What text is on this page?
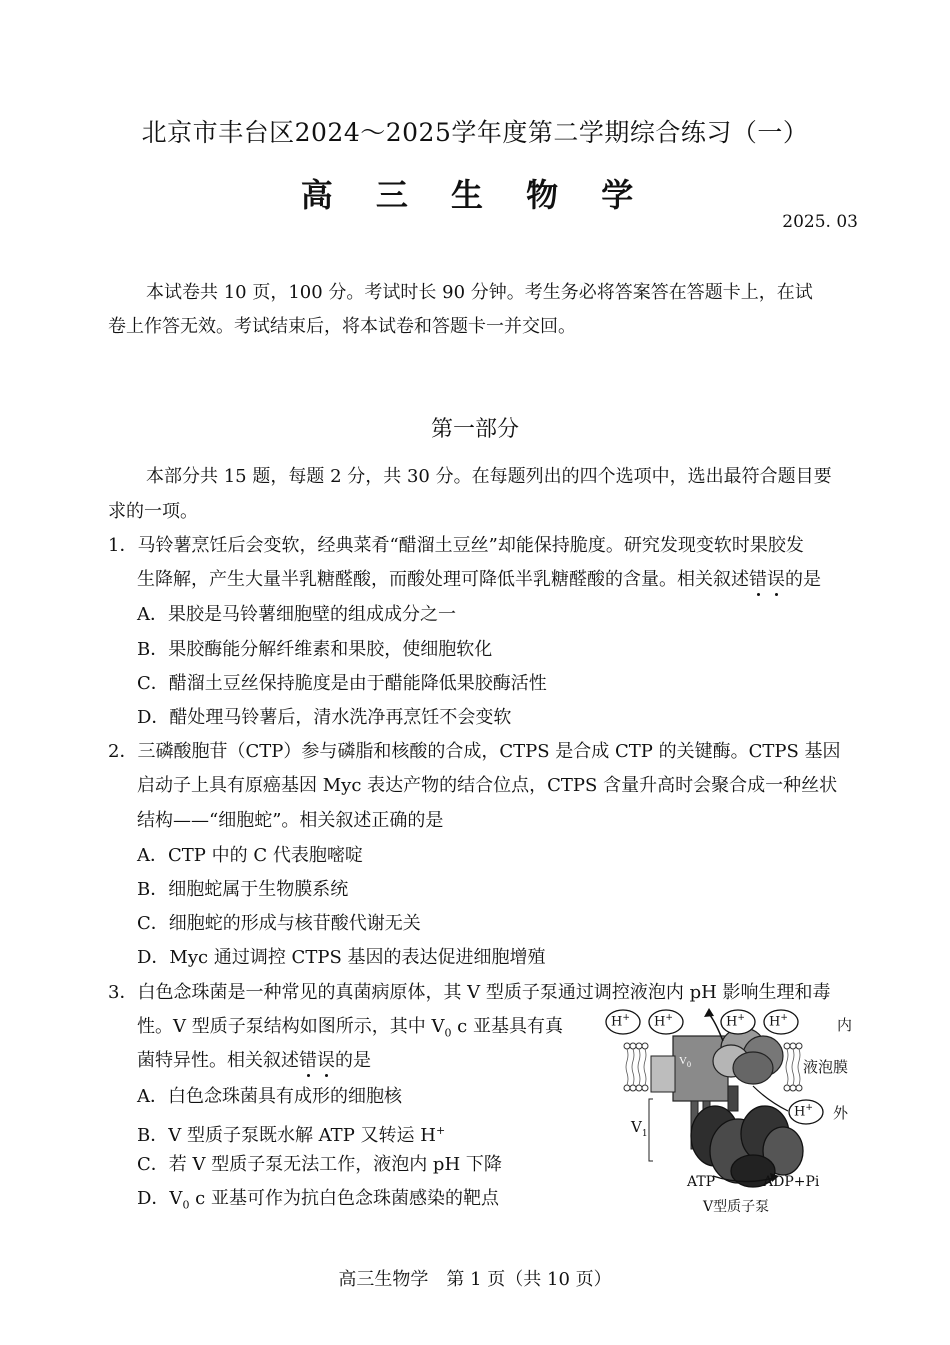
北京市丰台区2024～2025学年度第二学期综合练习（一）
高 三 生 物 学
2025. 03
本试卷共 10 页，100 分。考试时长 90 分钟。考生务必将答案答在答题卡上，在试
卷上作答无效。考试结束后，将本试卷和答题卡一并交回。
第一部分
本部分共 15 题，每题 2 分，共 30 分。在每题列出的四个选项中，选出最符合题目要
求的一项。
1．马铃薯烹饪后会变软，经典菜肴“醋溜土豆丝”却能保持脆度。研究发现变软时果胶发
生降解，产生大量半乳糖醛酸，而酸处理可降低半乳糖醛酸的含量。相关叙述错误的是
A．果胶是马铃薯细胞壁的组成成分之一
B．果胶酶能分解纤维素和果胶，使细胞软化
C．醋溜土豆丝保持脆度是由于醋能降低果胶酶活性
D．醋处理马铃薯后，清水洗净再烹饪不会变软
2．三磷酸胞苷（CTP）参与磷脂和核酸的合成，CTPS 是合成 CTP 的关键酶。CTPS 基因
启动子上具有原癌基因 Myc 表达产物的结合位点，CTPS 含量升高时会聚合成一种丝状
结构——“细胞蛇”。相关叙述正确的是
A．CTP 中的 C 代表胞嘧啶
B．细胞蛇属于生物膜系统
C．细胞蛇的形成与核苷酸代谢无关
D．Myc 通过调控 CTPS 基因的表达促进细胞增殖
3．白色念珠菌是一种常见的真菌病原体，其 V 型质子泵通过调控液泡内 pH 影响生理和毒
性。V 型质子泵结构如图所示，其中 $V_0$ c 亚基具有真
菌特异性。相关叙述错误的是
A．白色念珠菌具有成形的细胞核
B．V 型质子泵既水解 ATP 又转运 H+
C．若 V 型质子泵无法工作，液泡内 pH 下降
D．$V_0$ c 亚基可作为抗白色念珠菌感染的靶点
$V_0$
H+ H+	H+ H+
H+
内
液泡膜
外
$V_1$
ATP	ADP+Pi
V型质子泵
高三生物学　第 1 页（共 10 页）
